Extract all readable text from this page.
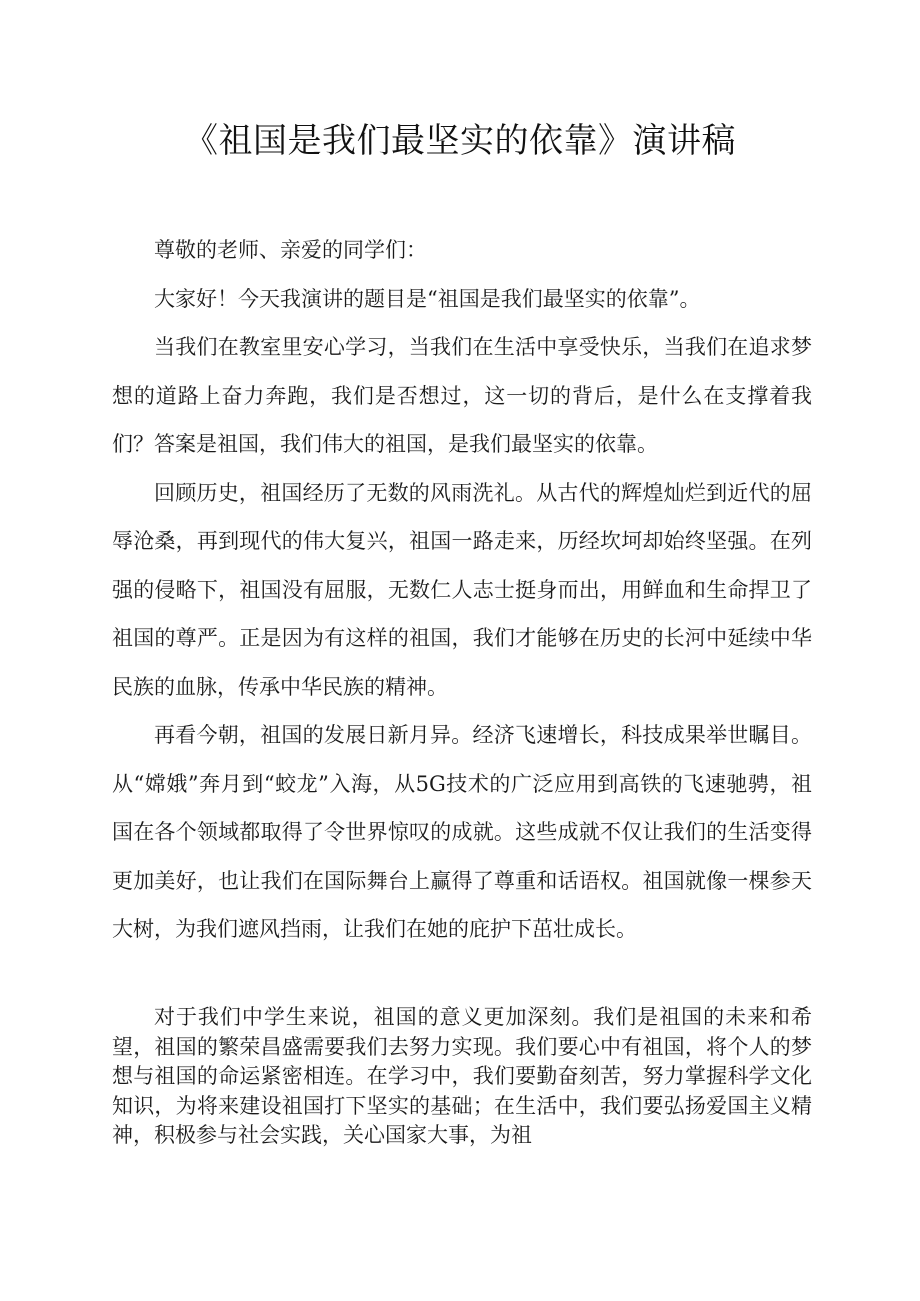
《祖国是我们最坚实的依靠》演讲稿

尊敬的老师、亲爱的同学们：

大家好！今天我演讲的题目是“祖国是我们最坚实的依靠”。

当我们在教室里安心学习，当我们在生活中享受快乐，当我们在追求梦想的道路上奋力奔跑，我们是否想过，这一切的背后，是什么在支撑着我们？答案是祖国，我们伟大的祖国，是我们最坚实的依靠。

回顾历史，祖国经历了无数的风雨洗礼。从古代的辉煌灿烂到近代的屈辱沧桑，再到现代的伟大复兴，祖国一路走来，历经坎坷却始终坚强。在列强的侵略下，祖国没有屈服，无数仁人志士挺身而出，用鲜血和生命捍卫了祖国的尊严。正是因为有这样的祖国，我们才能够在历史的长河中延续中华民族的血脉，传承中华民族的精神。

再看今朝，祖国的发展日新月异。经济飞速增长，科技成果举世瞩目。从“嫦娥”奔月到“蛟龙”入海，从5G技术的广泛应用到高铁的飞速驰骋，祖国在各个领域都取得了令世界惊叹的成就。这些成就不仅让我们的生活变得更加美好，也让我们在国际舞台上赢得了尊重和话语权。祖国就像一棵参天大树，为我们遮风挡雨，让我们在她的庇护下茁壮成长。

对于我们中学生来说，祖国的意义更加深刻。我们是祖国的未来和希望，祖国的繁荣昌盛需要我们去努力实现。我们要心中有祖国，将个人的梦想与祖国的命运紧密相连。在学习中，我们要勤奋刻苦，努力掌握科学文化知识，为将来建设祖国打下坚实的基础；在生活中，我们要弘扬爱国主义精神，积极参与社会实践，关心国家大事，为祖
